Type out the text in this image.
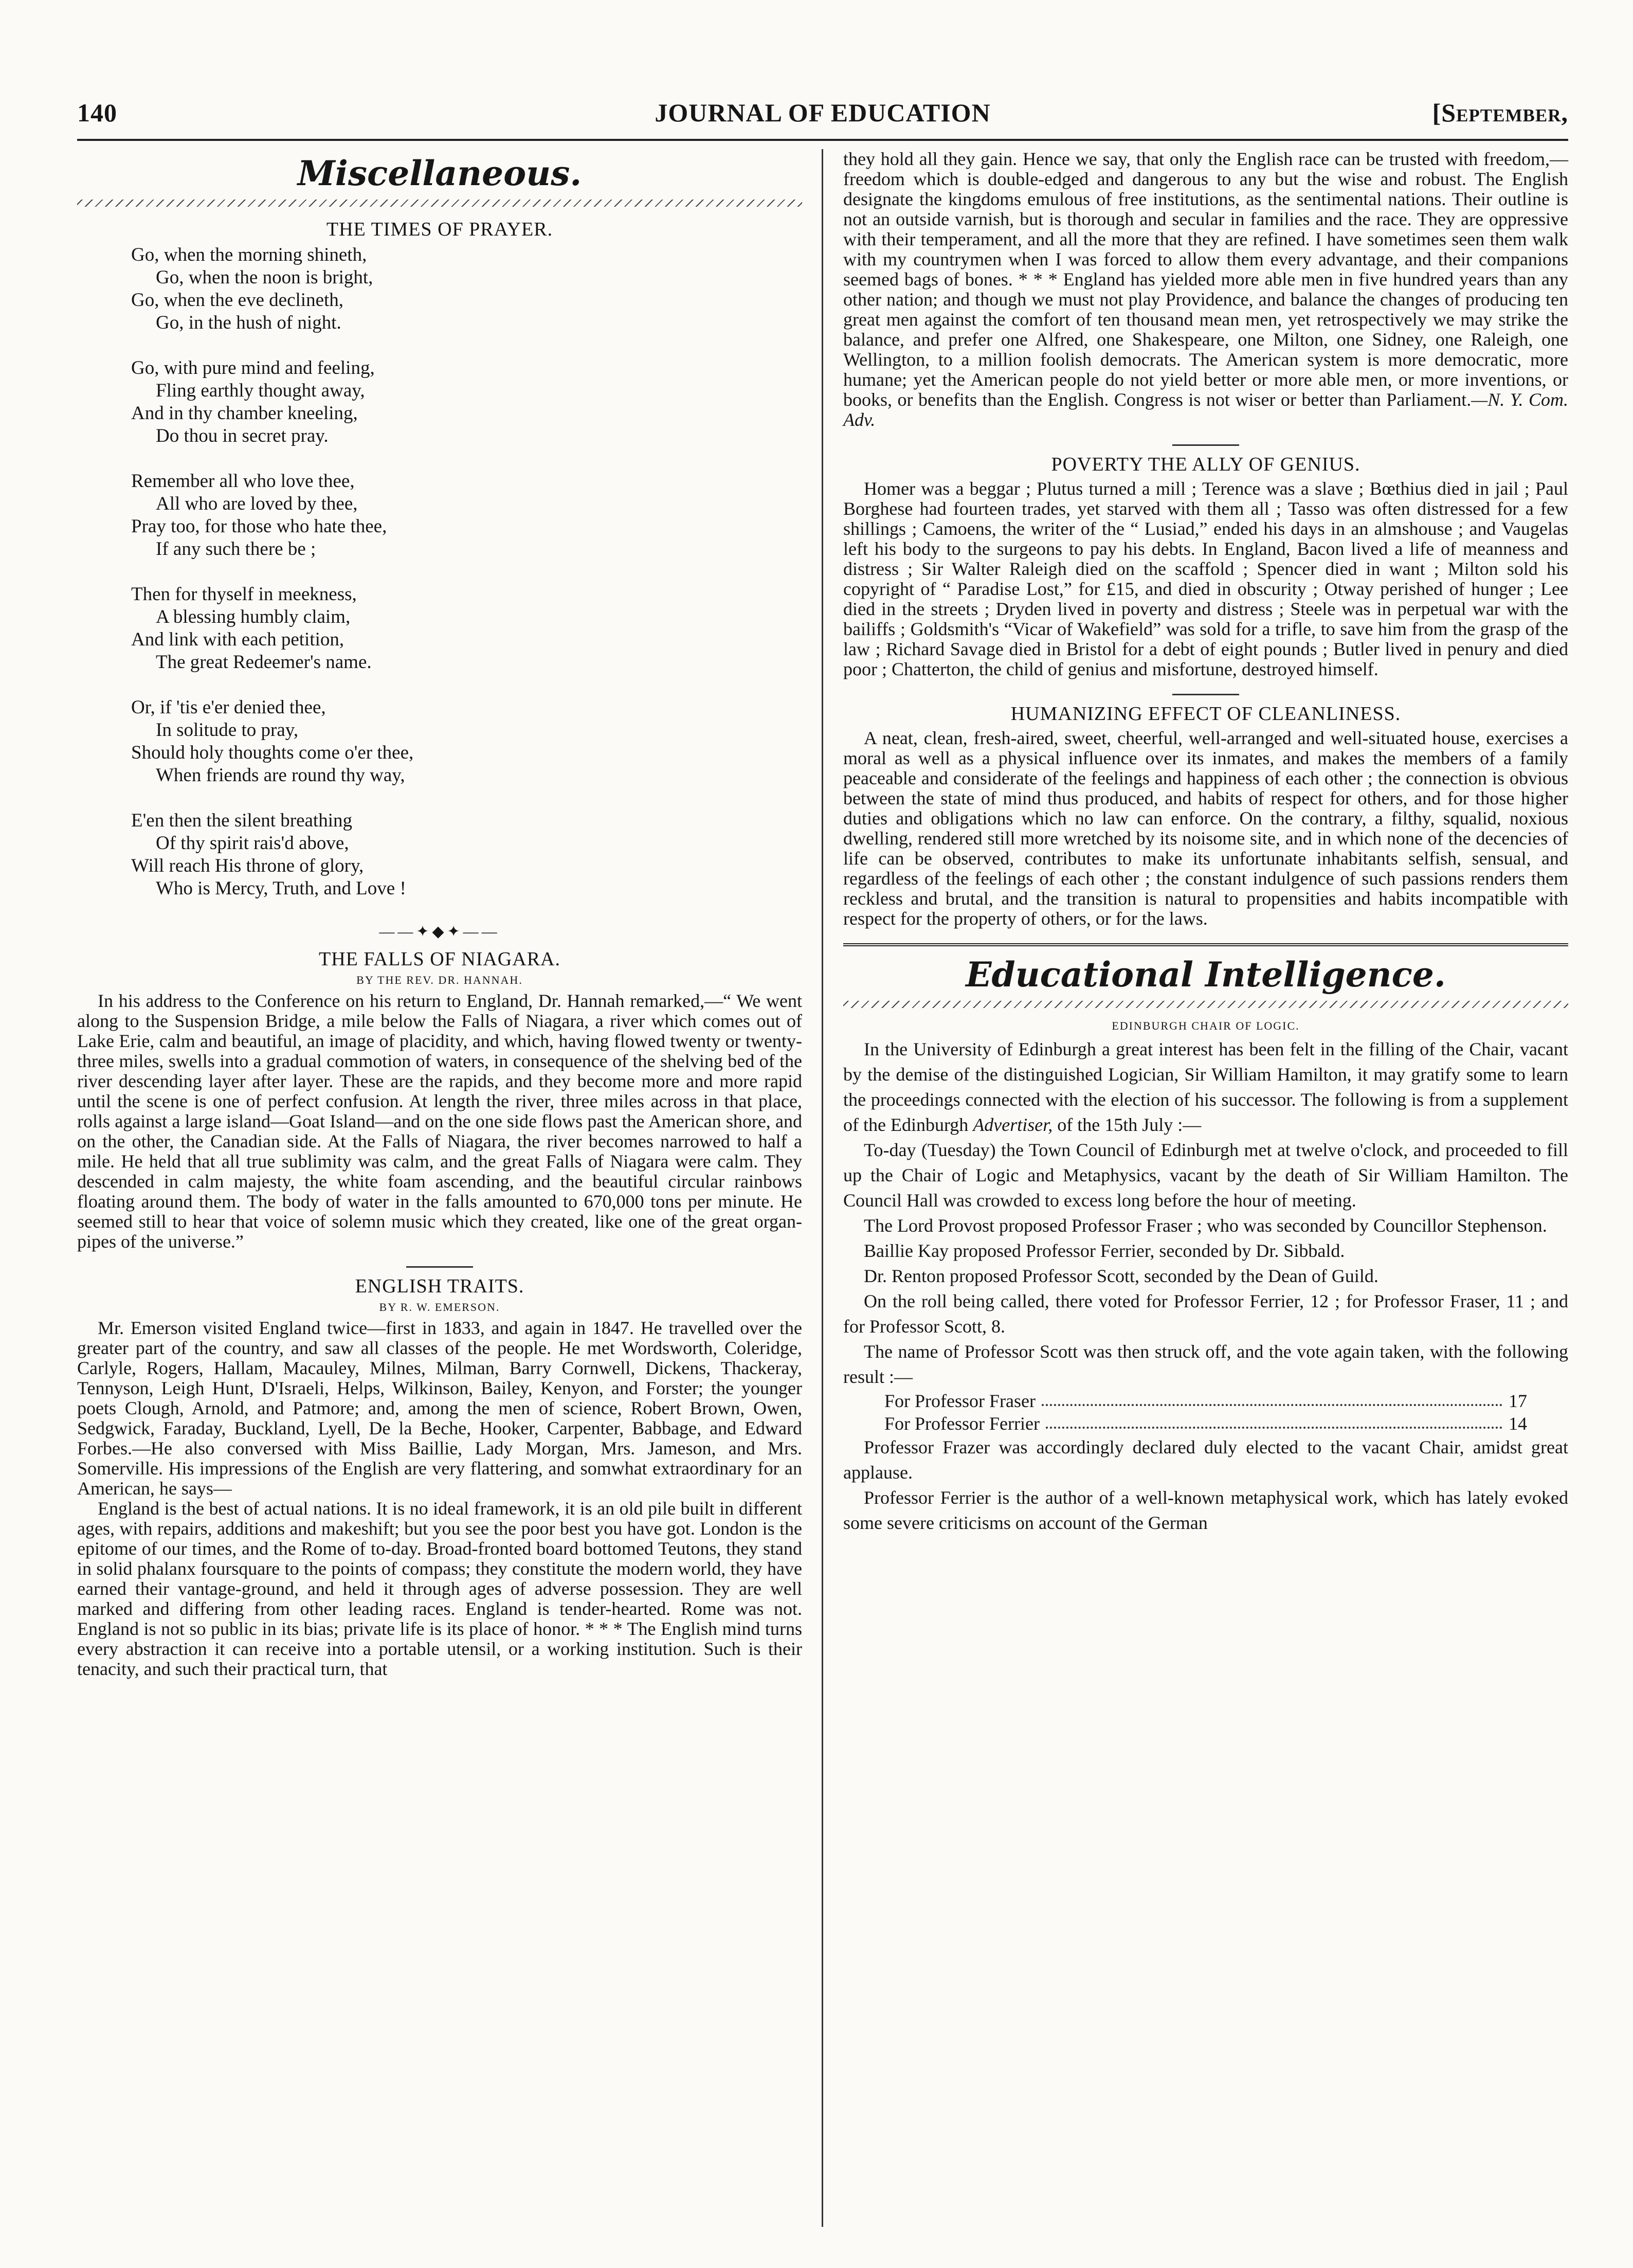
140	JOURNAL OF EDUCATION	[September,
Miscellaneous.
THE TIMES OF PRAYER.
Go, when the morning shineth,
Go, when the noon is bright,
Go, when the eve declineth,
Go, in the hush of night.
Go, with pure mind and feeling,
Fling earthly thought away,
And in thy chamber kneeling,
Do thou in secret pray.
Remember all who love thee,
All who are loved by thee,
Pray too, for those who hate thee,
If any such there be ;
Then for thyself in meekness,
A blessing humbly claim,
And link with each petition,
The great Redeemer's name.
Or, if 'tis e'er denied thee,
In solitude to pray,
Should holy thoughts come o'er thee,
When friends are round thy way,
E'en then the silent breathing
Of thy spirit rais'd above,
Will reach His throne of glory,
Who is Mercy, Truth, and Love !
——✦◆✦——
THE FALLS OF NIAGARA.
BY THE REV. DR. HANNAH.

In his address to the Conference on his return to England, Dr. Hannah remarked,—“ We went along to the Suspension Bridge, a mile below the Falls of Niagara, a river which comes out of Lake Erie, calm and beautiful, an image of placidity, and which, having flowed twenty or twenty-three miles, swells into a gradual commotion of waters, in consequence of the shelving bed of the river descending layer after layer. These are the rapids, and they become more and more rapid until the scene is one of perfect confusion. At length the river, three miles across in that place, rolls against a large island—Goat Island—and on the one side flows past the American shore, and on the other, the Canadian side. At the Falls of Niagara, the river becomes narrowed to half a mile. He held that all true sublimity was calm, and the great Falls of Niagara were calm. They descended in calm majesty, the white foam ascending, and the beautiful circular rainbows floating around them. The body of water in the falls amounted to 670,000 tons per minute. He seemed still to hear that voice of solemn music which they created, like one of the great organ-pipes of the universe.”

ENGLISH TRAITS.
BY R. W. EMERSON.

Mr. Emerson visited England twice—first in 1833, and again in 1847. He travelled over the greater part of the country, and saw all classes of the people. He met Wordsworth, Coleridge, Carlyle, Rogers, Hallam, Macauley, Milnes, Milman, Barry Cornwell, Dickens, Thackeray, Tennyson, Leigh Hunt, D'Israeli, Helps, Wilkinson, Bailey, Kenyon, and Forster; the younger poets Clough, Arnold, and Patmore; and, among the men of science, Robert Brown, Owen, Sedgwick, Faraday, Buckland, Lyell, De la Beche, Hooker, Carpenter, Babbage, and Edward Forbes.—He also conversed with Miss Baillie, Lady Morgan, Mrs. Jameson, and Mrs. Somerville. His impressions of the English are very flattering, and somwhat extraordinary for an American, he says—

England is the best of actual nations. It is no ideal framework, it is an old pile built in different ages, with repairs, additions and makeshift; but you see the poor best you have got. London is the epitome of our times, and the Rome of to-day. Broad-fronted board bottomed Teutons, they stand in solid phalanx foursquare to the points of compass; they constitute the modern world, they have earned their vantage-ground, and held it through ages of adverse possession. They are well marked and differing from other leading races. England is tender-hearted. Rome was not. England is not so public in its bias; private life is its place of honor. * * * The English mind turns every abstraction it can receive into a portable utensil, or a working institution. Such is their tenacity, and such their practical turn, that

they hold all they gain. Hence we say, that only the English race can be trusted with freedom,—freedom which is double-edged and dangerous to any but the wise and robust. The English designate the kingdoms emulous of free institutions, as the sentimental nations. Their outline is not an outside varnish, but is thorough and secular in families and the race. They are oppressive with their temperament, and all the more that they are refined. I have sometimes seen them walk with my countrymen when I was forced to allow them every advantage, and their companions seemed bags of bones. * * * England has yielded more able men in five hundred years than any other nation; and though we must not play Providence, and balance the changes of producing ten great men against the comfort of ten thousand mean men, yet retrospectively we may strike the balance, and prefer one Alfred, one Shakespeare, one Milton, one Sidney, one Raleigh, one Wellington, to a million foolish democrats. The American system is more democratic, more humane; yet the American people do not yield better or more able men, or more inventions, or books, or benefits than the English. Congress is not wiser or better than Parliament.—N. Y. Com. Adv.

POVERTY THE ALLY OF GENIUS.

Homer was a beggar ; Plutus turned a mill ; Terence was a slave ; Bœthius died in jail ; Paul Borghese had fourteen trades, yet starved with them all ; Tasso was often distressed for a few shillings ; Camoens, the writer of the “ Lusiad,” ended his days in an almshouse ; and Vaugelas left his body to the surgeons to pay his debts. In England, Bacon lived a life of meanness and distress ; Sir Walter Raleigh died on the scaffold ; Spencer died in want ; Milton sold his copyright of “ Paradise Lost,” for £15, and died in obscurity ; Otway perished of hunger ; Lee died in the streets ; Dryden lived in poverty and distress ; Steele was in perpetual war with the bailiffs ; Goldsmith's “Vicar of Wakefield” was sold for a trifle, to save him from the grasp of the law ; Richard Savage died in Bristol for a debt of eight pounds ; Butler lived in penury and died poor ; Chatterton, the child of genius and misfortune, destroyed himself.

HUMANIZING EFFECT OF CLEANLINESS.

A neat, clean, fresh-aired, sweet, cheerful, well-arranged and well-situated house, exercises a moral as well as a physical influence over its inmates, and makes the members of a family peaceable and considerate of the feelings and happiness of each other ; the connection is obvious between the state of mind thus produced, and habits of respect for others, and for those higher duties and obligations which no law can enforce. On the contrary, a filthy, squalid, noxious dwelling, rendered still more wretched by its noisome site, and in which none of the decencies of life can be observed, contributes to make its unfortunate inhabitants selfish, sensual, and regardless of the feelings of each other ; the constant indulgence of such passions renders them reckless and brutal, and the transition is natural to propensities and habits incompatible with respect for the property of others, or for the laws.

Educational Intelligence.
EDINBURGH CHAIR OF LOGIC.

In the University of Edinburgh a great interest has been felt in the filling of the Chair, vacant by the demise of the distinguished Logician, Sir William Hamilton, it may gratify some to learn the proceedings connected with the election of his successor. The following is from a supplement of the Edinburgh Advertiser, of the 15th July :—

To-day (Tuesday) the Town Council of Edinburgh met at twelve o'clock, and proceeded to fill up the Chair of Logic and Metaphysics, vacant by the death of Sir William Hamilton. The Council Hall was crowded to excess long before the hour of meeting.

The Lord Provost proposed Professor Fraser ; who was seconded by Councillor Stephenson.

Baillie Kay proposed Professor Ferrier, seconded by Dr. Sibbald.

Dr. Renton proposed Professor Scott, seconded by the Dean of Guild.

On the roll being called, there voted for Professor Ferrier, 12 ; for Professor Fraser, 11 ; and for Professor Scott, 8.

The name of Professor Scott was then struck off, and the vote again taken, with the following result :—

For Professor Fraser	17
For Professor Ferrier	14

Professor Frazer was accordingly declared duly elected to the vacant Chair, amidst great applause.

Professor Ferrier is the author of a well-known metaphysical work, which has lately evoked some severe criticisms on account of the German
